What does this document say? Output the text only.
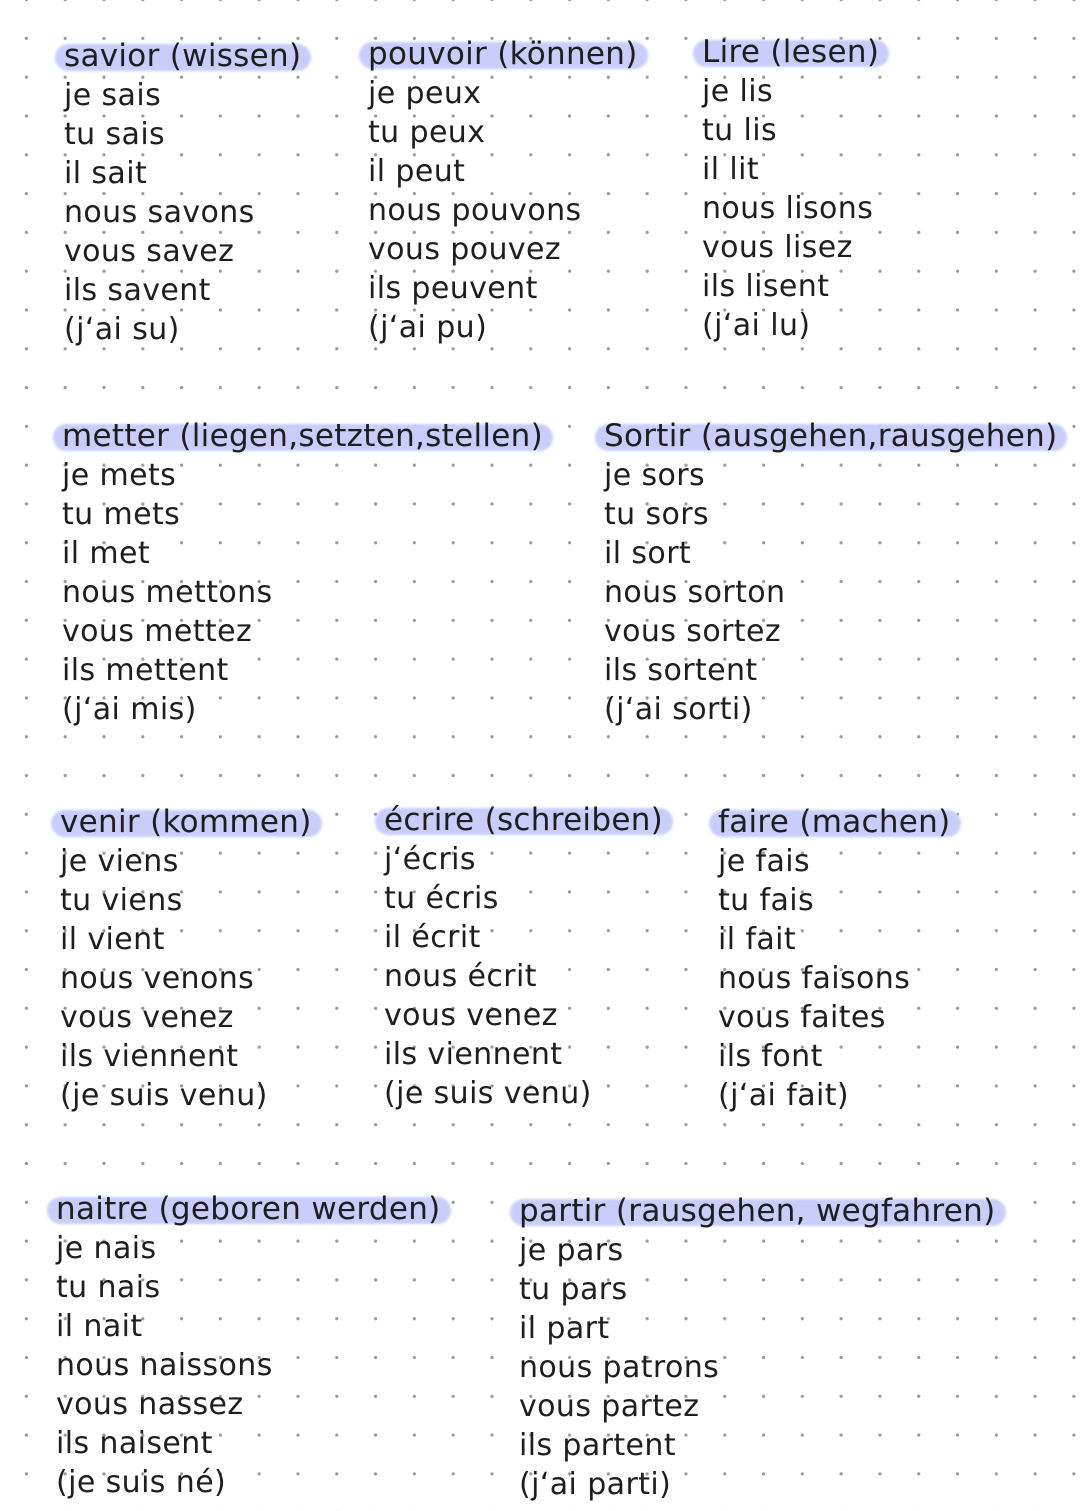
savior (wissen)
je sais
tu sais
il sait
nous savons
vous savez
ils savent
(j‘ai su)
pouvoir (können)
je peux
tu peux
il peut
nous pouvons
vous pouvez
ils peuvent
(j‘ai pu)
Lire (lesen)
je lis
tu lis
il lit
nous lisons
vous lisez
ils lisent
(j‘ai lu)
metter (liegen,setzten,stellen)
je mets
tu mets
il met
nous mettons
vous mettez
ils mettent
(j‘ai mis)
Sortir (ausgehen,rausgehen)
je sors
tu sors
il sort
nous sorton
vous sortez
ils sortent
(j‘ai sorti)
venir (kommen)
je viens
tu viens
il vient
nous venons
vous venez
ils viennent
(je suis venu)
écrire (schreiben)
j‘écris
tu écris
il écrit
nous écrit
vous venez
ils viennent
(je suis venu)
faire (machen)
je fais
tu fais
il fait
nous faisons
vous faites
ils font
(j‘ai fait)
naitre (geboren werden)
je nais
tu nais
il nait
nous naissons
vous nassez
ils naisent
(je suis né)
partir (rausgehen, wegfahren)
je pars
tu pars
il part
nous patrons
vous partez
ils partent
(j‘ai parti)
